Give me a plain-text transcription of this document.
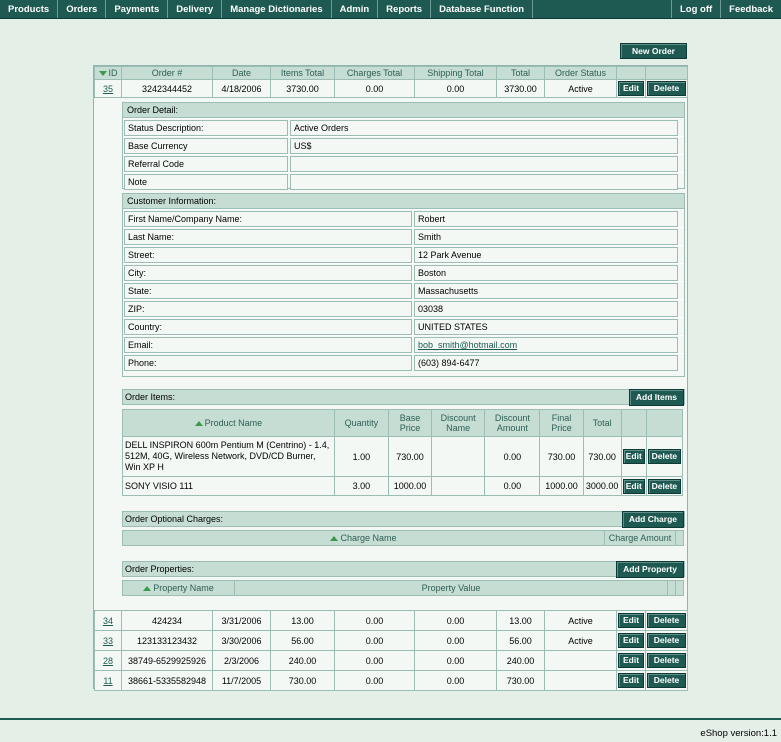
Products	Orders	Payments	Delivery	Manage Dictionaries	Admin	Reports	Database Function	Log off	Feedback
New Order
ID	Order #	Date	Items Total	Charges Total	Shipping Total	Total	Order Status		
35	3242344452	4/18/2006	3730.00	0.00	0.00	3730.00	Active	Edit	Delete
Order Detail:
Status Description:	Active Orders
Base Currency	US$
Referral Code
Note
Customer Information:
First Name/Company Name:	Robert
Last Name:	Smith
Street:	12 Park Avenue
City:	Boston
State:	Massachusetts
ZIP:	03038
Country:	UNITED STATES
Email:	bob_smith@hotmail.com
Phone:	(603) 894-6477
Order Items:	Add Items
Product Name	Quantity	Base Price	Discount Name	Discount Amount	Final Price	Total		
DELL INSPIRON 600m Pentium M (Centrino) - 1.4, 512M, 40G, Wireless Network, DVD/CD Burner, Win XP H	1.00	730.00		0.00	730.00	730.00	Edit	Delete
SONY VISIO 111	3.00	1000.00		0.00	1000.00	3000.00	Edit	Delete
Order Optional Charges:	Add Charge
Charge Name	Charge Amount	
Order Properties:	Add Property
Property Name	Property Value		
34	424234	3/31/2006	13.00	0.00	0.00	13.00	Active	Edit	Delete
33	123133123432	3/30/2006	56.00	0.00	0.00	56.00	Active	Edit	Delete
28	38749-6529925926	2/3/2006	240.00	0.00	0.00	240.00		Edit	Delete
11	38661-5335582948	11/7/2005	730.00	0.00	0.00	730.00		Edit	Delete
eShop version:1.1
